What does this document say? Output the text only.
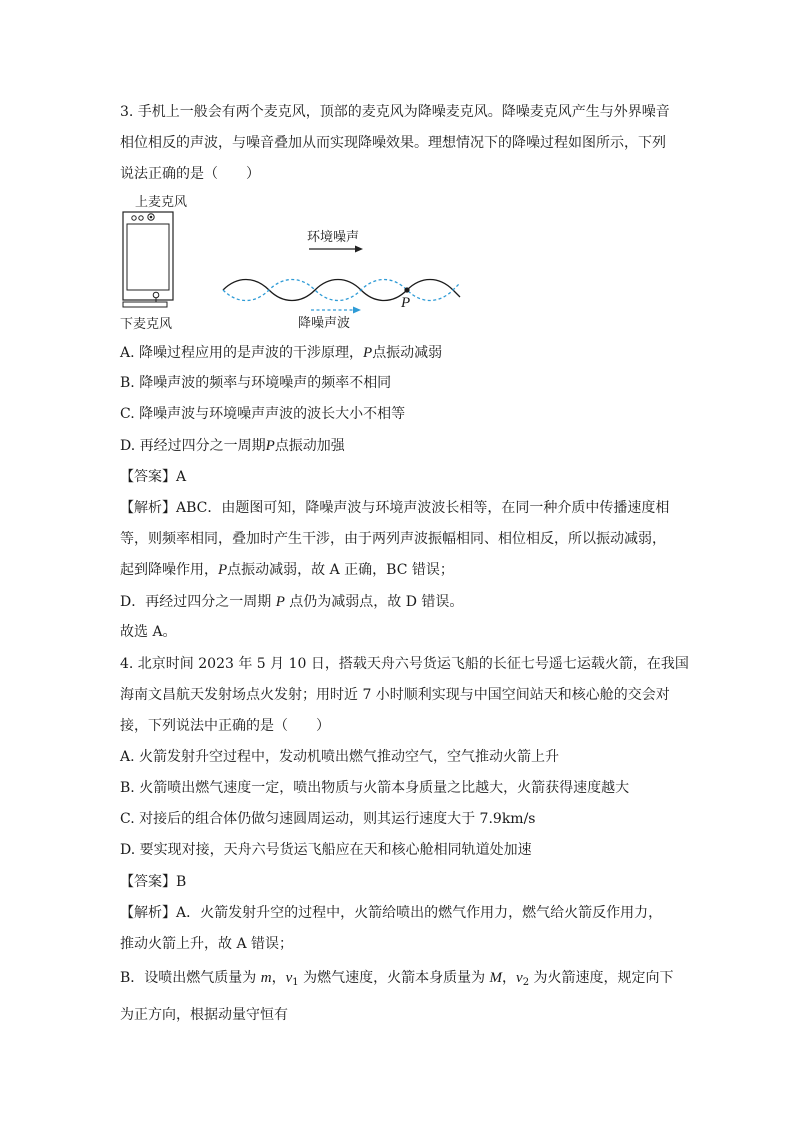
3. 手机上一般会有两个麦克风，顶部的麦克风为降噪麦克风。降噪麦克风产生与外界噪音
相位相反的声波，与噪音叠加从而实现降噪效果。理想情况下的降噪过程如图所示，下列
说法正确的是（　　）
上麦克风
下麦克风
环境噪声
P
降噪声波
A. 降噪过程应用的是声波的干涉原理，P点振动减弱
B. 降噪声波的频率与环境噪声的频率不相同
C. 降噪声波与环境噪声声波的波长大小不相等
D. 再经过四分之一周期P点振动加强
【答案】A
【解析】ABC．由题图可知，降噪声波与环境声波波长相等，在同一种介质中传播速度相
等，则频率相同，叠加时产生干涉，由于两列声波振幅相同、相位相反，所以振动减弱，
起到降噪作用，P点振动减弱，故 A 正确，BC 错误；
D．再经过四分之一周期 P 点仍为减弱点，故 D 错误。
故选 A。
4. 北京时间 2023 年 5 月 10 日，搭载天舟六号货运飞船的长征七号遥七运载火箭，在我国
海南文昌航天发射场点火发射；用时近 7 小时顺利实现与中国空间站天和核心舱的交会对
接，下列说法中正确的是（　　）
A. 火箭发射升空过程中，发动机喷出燃气推动空气，空气推动火箭上升
B. 火箭喷出燃气速度一定，喷出物质与火箭本身质量之比越大，火箭获得速度越大
C. 对接后的组合体仍做匀速圆周运动，则其运行速度大于 7.9km/s
D. 要实现对接，天舟六号货运飞船应在天和核心舱相同轨道处加速
【答案】B
【解析】A．火箭发射升空的过程中，火箭给喷出的燃气作用力，燃气给火箭反作用力，
推动火箭上升，故 A 错误；
B．设喷出燃气质量为 m，$v_1$ 为燃气速度，火箭本身质量为 M，$v_2$ 为火箭速度，规定向下
为正方向，根据动量守恒有
